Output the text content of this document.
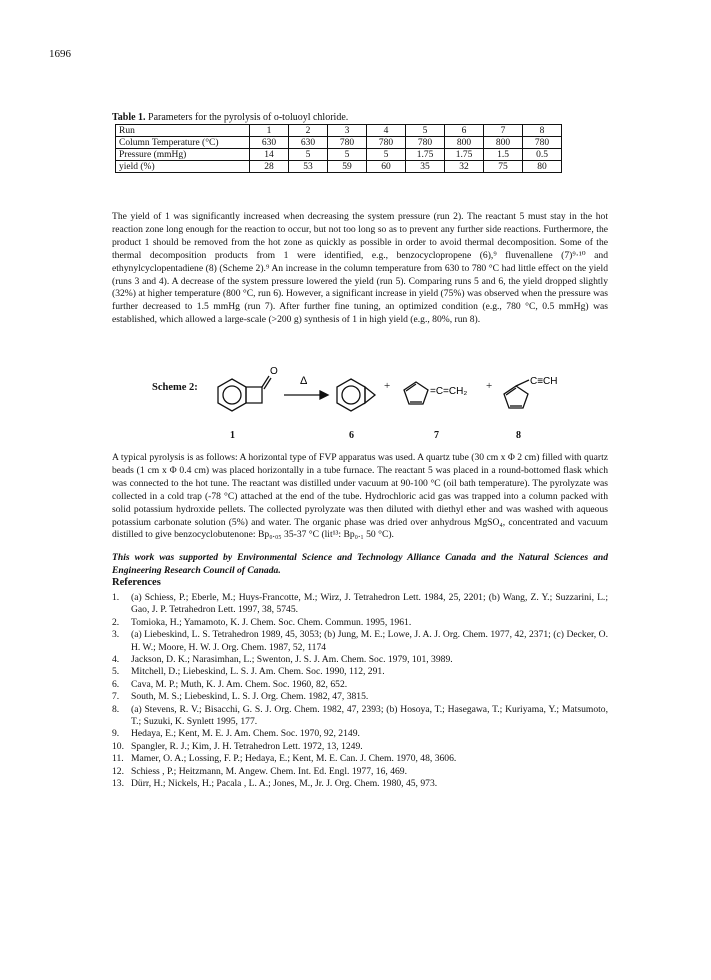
1696
Table 1. Parameters for the pyrolysis of o-toluoyl chloride.
Run	1	2	3	4	5	6	7	8
Column Temperature (°C)	630	630	780	780	780	800	800	780
Pressure (mmHg)	14	5	5	5	1.75	1.75	1.5	0.5
yield (%)	28	53	59	60	35	32	75	80
The yield of 1 was significantly increased when decreasing the system pressure (run 2). The reactant 5 must stay in the hot reaction zone long enough for the reaction to occur, but not too long so as to prevent any further side reactions. Furthermore, the product 1 should be removed from the hot zone as quickly as possible in order to avoid thermal decomposition. Some of the thermal decomposition products from 1 were identified, e.g., benzocyclopropene (6),⁹ fluvenallene (7)⁹·¹⁰ and ethynylcyclopentadiene (8) (Scheme 2).⁹ An increase in the column temperature from 630 to 780 °C had little effect on the yield (runs 3 and 4). A decrease of the system pressure lowered the yield (run 5). Comparing runs 5 and 6, the yield dropped slightly (32%) at higher temperature (800 °C, run 6). However, a significant increase in yield (75%) was observed when the pressure was further decreased to 1.5 mmHg (run 7). After further fine tuning, an optimized condition (e.g., 780 °C, 0.5 mmHg) was established, which allowed a large-scale (>200 g) synthesis of 1 in high yield (e.g., 80%, run 8).
Scheme 2:
O
Δ
=C=CH₂
C≡CH
+	+
1	6	7	8
A typical pyrolysis is as follows: A horizontal type of FVP apparatus was used. A quartz tube (30 cm x Φ 2 cm) filled with quartz beads (1 cm x Φ 0.4 cm) was placed horizontally in a tube furnace. The reactant 5 was placed in a round-bottomed flask which was connected to the hot tune. The reactant was distilled under vacuum at 90-100 °C (oil bath temperature). The pyrolyzate was collected in a cold trap (-78 °C) attached at the end of the tube. Hydrochloric acid gas was trapped into a column packed with solid potassium hydroxide pellets. The collected pyrolyzate was then diluted with diethyl ether and was washed with aqueous potassium carbonate solution (5%) and water. The organic phase was dried over anhydrous MgSO₄, concentrated and vacuum distilled to give benzocyclobutenone: Bp₀.₀₅ 35-37 °C (lit¹³: Bp₀.₁ 50 °C).
This work was supported by Environmental Science and Technology Alliance Canada and the Natural Sciences and Engineering Research Council of Canada.
References
1. (a) Schiess, P.; Eberle, M.; Huys-Francotte, M.; Wirz, J. Tetrahedron Lett. 1984, 25, 2201; (b) Wang, Z. Y.; Suzzarini, L.; Gao, J. P. Tetrahedron Lett. 1997, 38, 5745.
2. Tomioka, H.; Yamamoto, K. J. Chem. Soc. Chem. Commun. 1995, 1961.
3. (a) Liebeskind, L. S. Tetrahedron 1989, 45, 3053; (b) Jung, M. E.; Lowe, J. A. J. Org. Chem. 1977, 42, 2371; (c) Decker, O. H. W.; Moore, H. W. J. Org. Chem. 1987, 52, 1174
4. Jackson, D. K.; Narasimhan, L.; Swenton, J. S. J. Am. Chem. Soc. 1979, 101, 3989.
5. Mitchell, D.; Liebeskind, L. S. J. Am. Chem. Soc. 1990, 112, 291.
6. Cava, M. P.; Muth, K. J. Am. Chem. Soc. 1960, 82, 652.
7. South, M. S.; Liebeskind, L. S. J. Org. Chem. 1982, 47, 3815.
8. (a) Stevens, R. V.; Bisacchi, G. S. J. Org. Chem. 1982, 47, 2393; (b) Hosoya, T.; Hasegawa, T.; Kuriyama, Y.; Matsumoto, T.; Suzuki, K. Synlett 1995, 177.
9. Hedaya, E.; Kent, M. E. J. Am. Chem. Soc. 1970, 92, 2149.
10. Spangler, R. J.; Kim, J. H. Tetrahedron Lett. 1972, 13, 1249.
11. Mamer, O. A.; Lossing, F. P.; Hedaya, E.; Kent, M. E. Can. J. Chem. 1970, 48, 3606.
12. Schiess , P.; Heitzmann, M. Angew. Chem. Int. Ed. Engl. 1977, 16, 469.
13. Dürr, H.; Nickels, H.; Pacala , L. A.; Jones, M., Jr. J. Org. Chem. 1980, 45, 973.
